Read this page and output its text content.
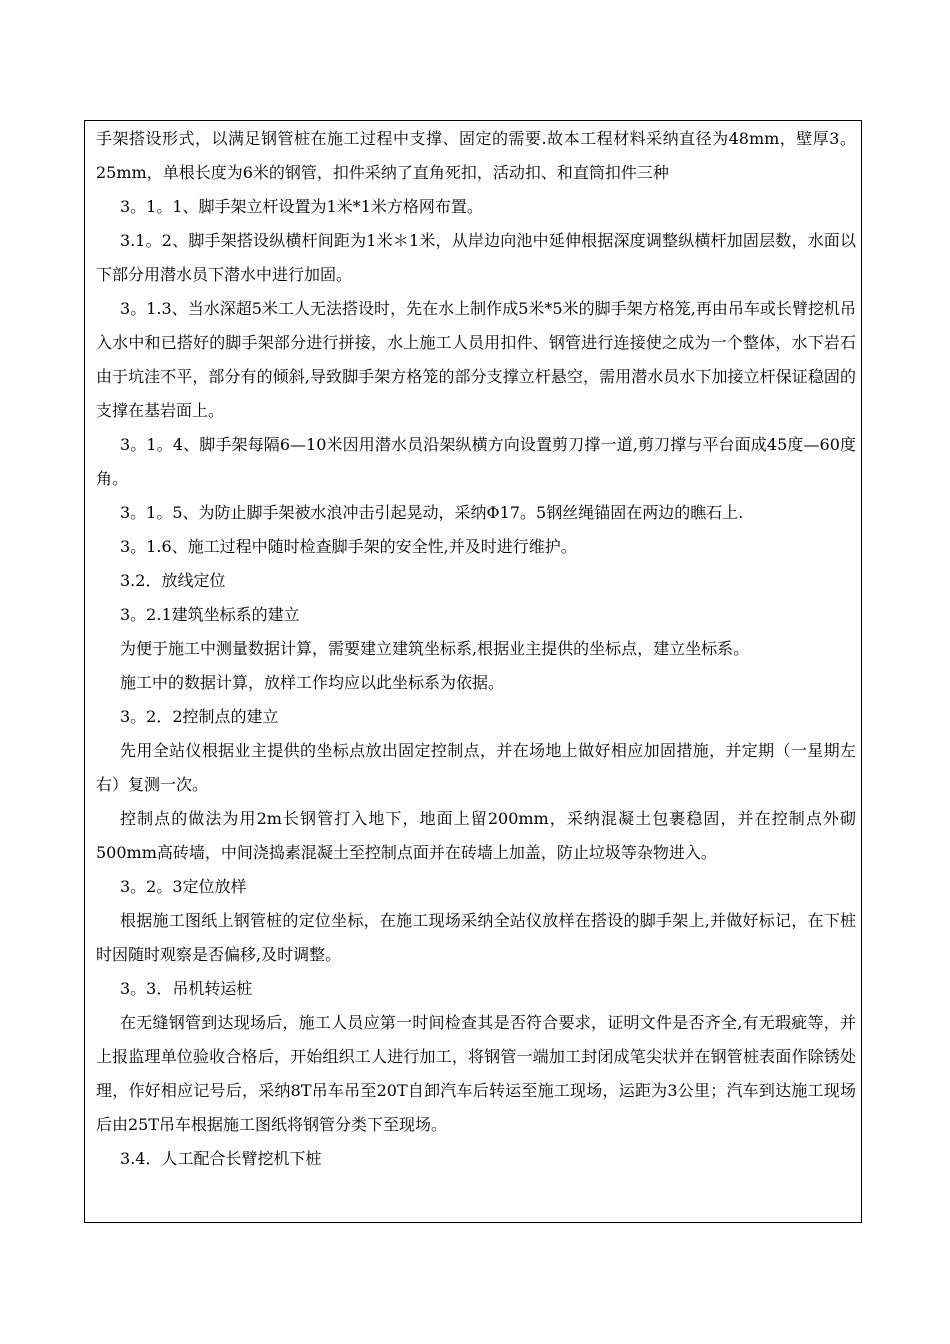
手架搭设形式，以满足钢管桩在施工过程中支撑、固定的需要.故本工程材料采纳直径为48mm，壁厚3。25mm，单根长度为6米的钢管，扣件采纳了直角死扣，活动扣、和直筒扣件三种

3。1。1、脚手架立杆设置为1米*1米方格网布置。

3.1。2、脚手架搭设纵横杆间距为1米＊1米，从岸边向池中延伸根据深度调整纵横杆加固层数，水面以下部分用潜水员下潜水中进行加固。

3。1.3、当水深超5米工人无法搭设时，先在水上制作成5米*5米的脚手架方格笼,再由吊车或长臂挖机吊入水中和已搭好的脚手架部分进行拼接，水上施工人员用扣件、钢管进行连接使之成为一个整体，水下岩石由于坑洼不平，部分有的倾斜,导致脚手架方格笼的部分支撑立杆悬空，需用潜水员水下加接立杆保证稳固的支撑在基岩面上。

3。1。4、脚手架每隔6—10米因用潜水员沿架纵横方向设置剪刀撑一道,剪刀撑与平台面成45度—60度角。

3。1。5、为防止脚手架被水浪冲击引起晃动，采纳Φ17。5钢丝绳锚固在两边的瞧石上.

3。1.6、施工过程中随时检查脚手架的安全性,并及时进行维护。

3.2．放线定位

3。2.1建筑坐标系的建立

为便于施工中测量数据计算，需要建立建筑坐标系,根据业主提供的坐标点，建立坐标系。

施工中的数据计算，放样工作均应以此坐标系为依据。

3。2．2控制点的建立

先用全站仪根据业主提供的坐标点放出固定控制点，并在场地上做好相应加固措施，并定期（一星期左右）复测一次。

控制点的做法为用2m长钢管打入地下，地面上留200mm，采纳混凝土包裹稳固，并在控制点外砌500mm高砖墙，中间浇捣素混凝土至控制点面并在砖墙上加盖，防止垃圾等杂物进入。

3。2。3定位放样

根据施工图纸上钢管桩的定位坐标，在施工现场采纳全站仪放样在搭设的脚手架上,并做好标记，在下桩时因随时观察是否偏移,及时调整。

3。3．吊机转运桩

在无缝钢管到达现场后，施工人员应第一时间检查其是否符合要求，证明文件是否齐全,有无瑕疵等，并上报监理单位验收合格后，开始组织工人进行加工，将钢管一端加工封闭成笔尖状并在钢管桩表面作除锈处理，作好相应记号后，采纳8T吊车吊至20T自卸汽车后转运至施工现场，运距为3公里；汽车到达施工现场后由25T吊车根据施工图纸将钢管分类下至现场。

3.4．人工配合长臂挖机下桩
